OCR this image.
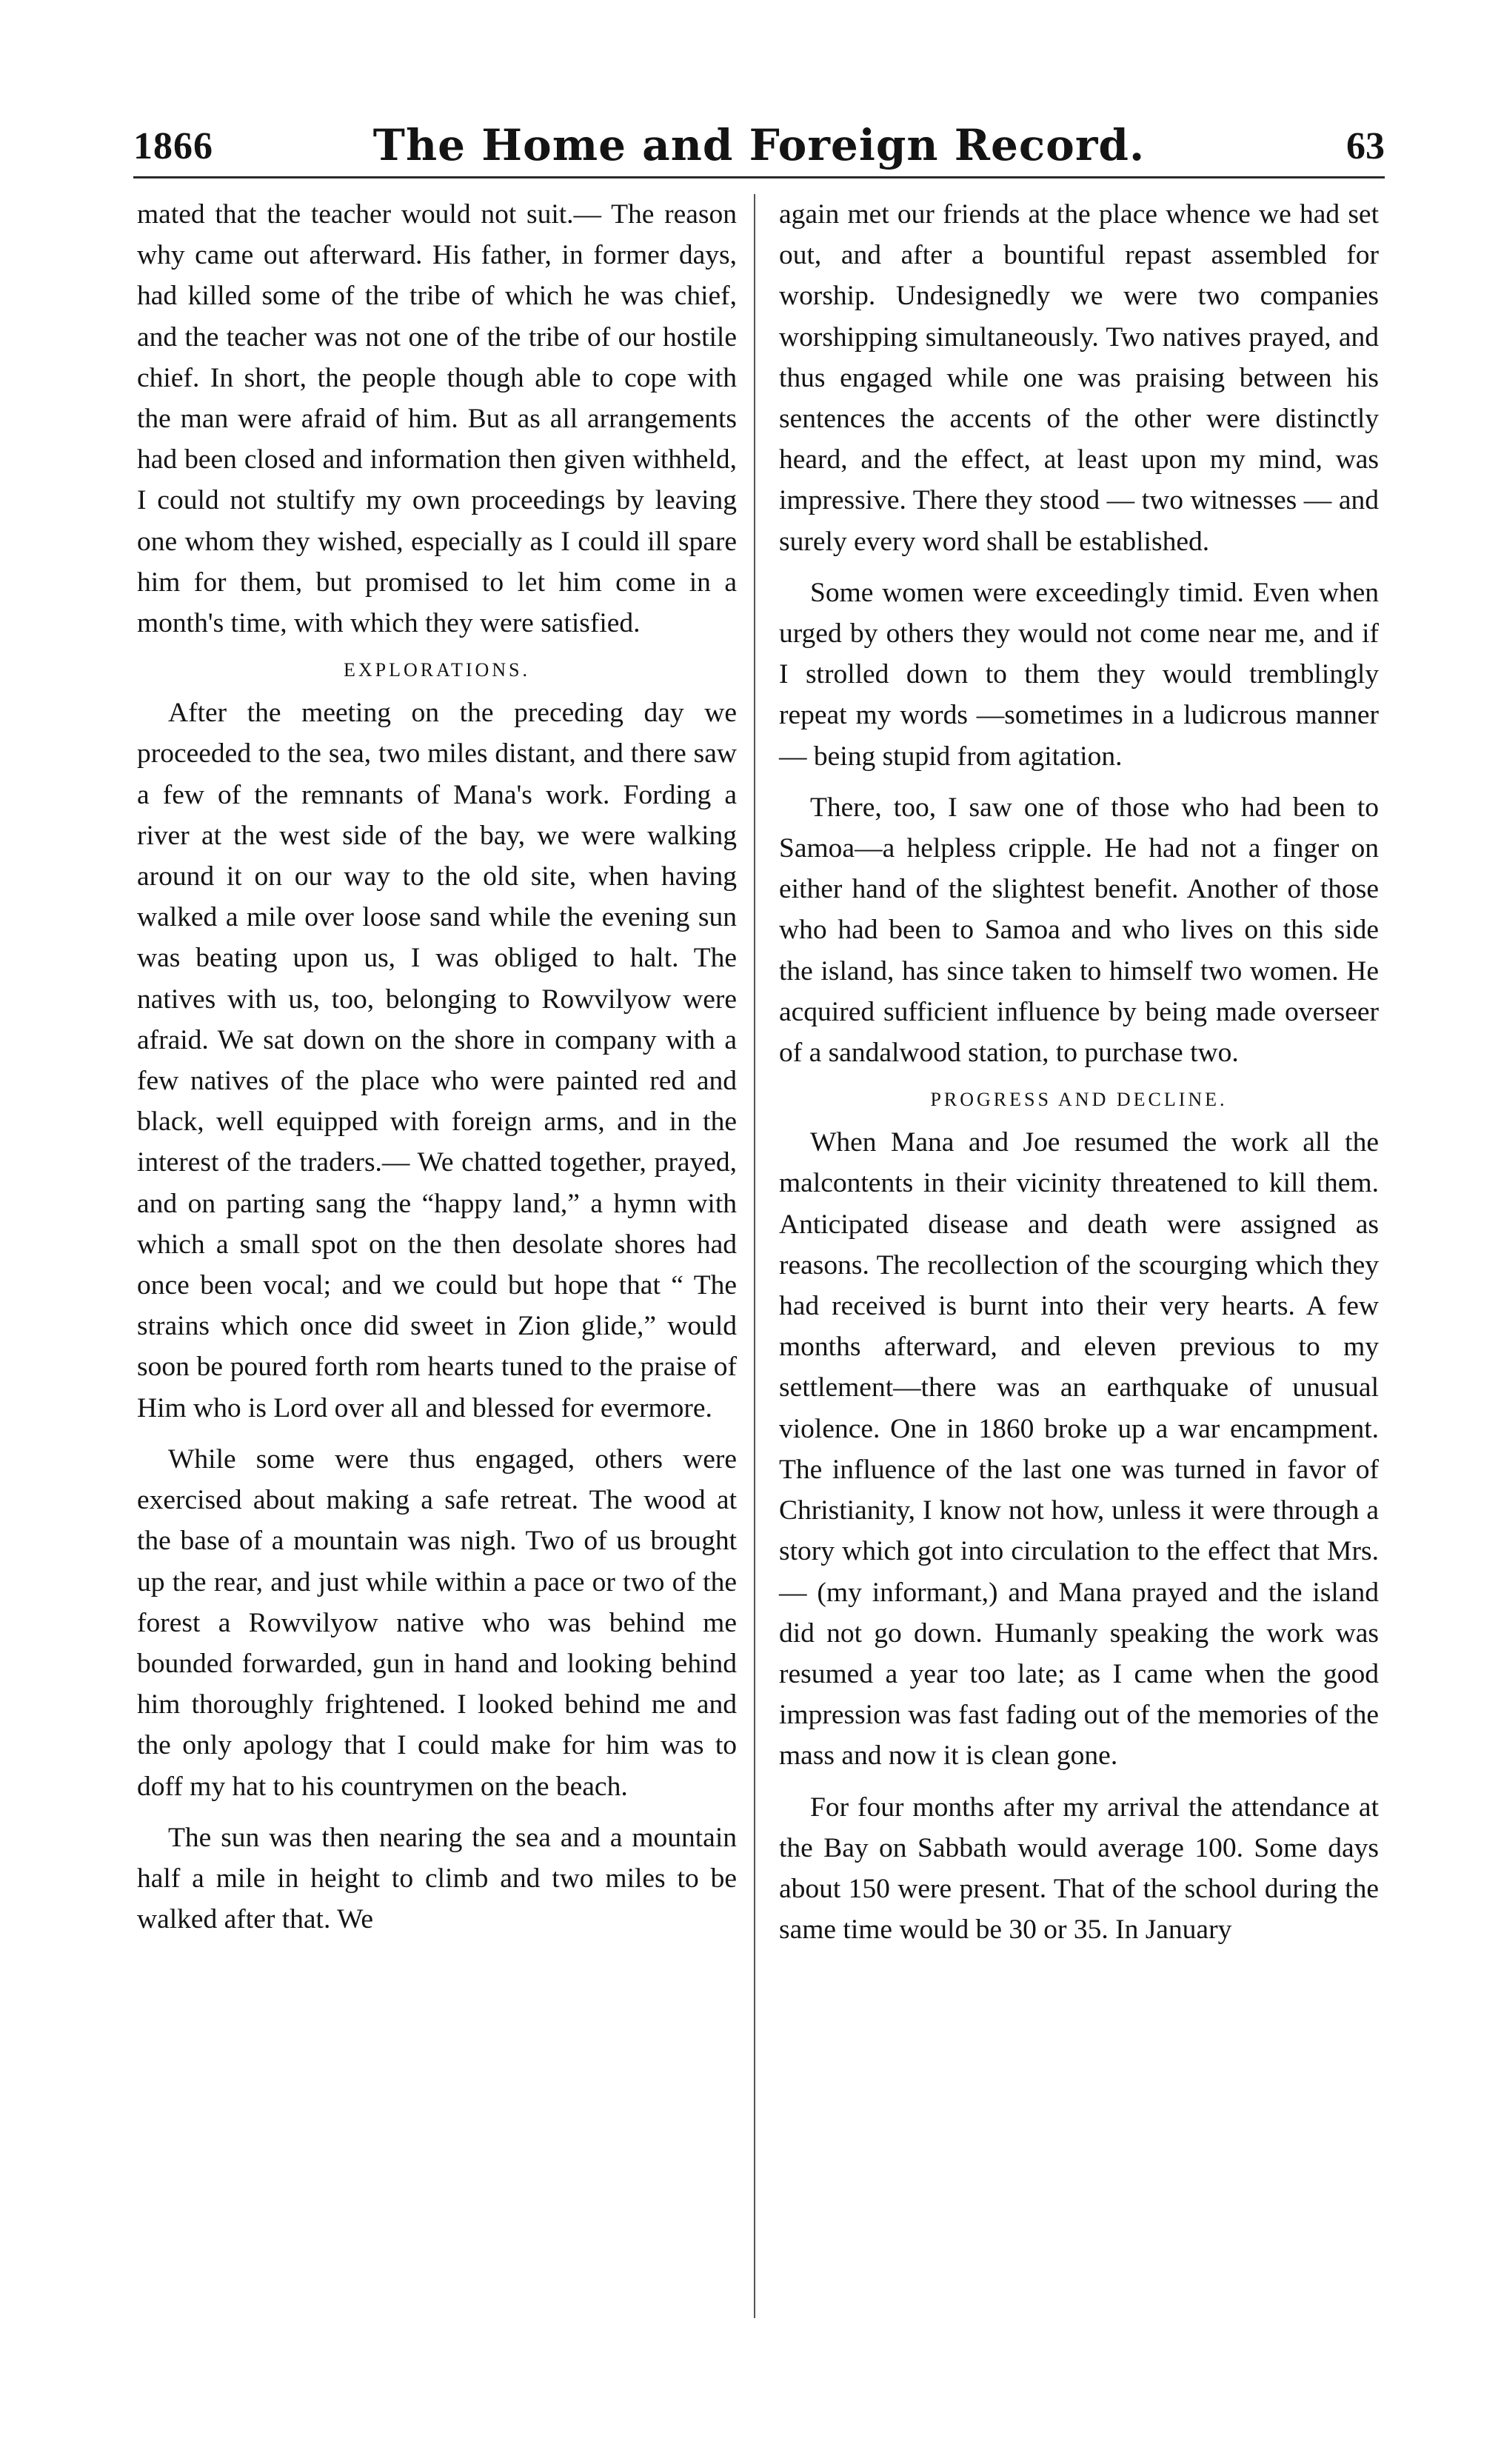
1866	The Home and Foreign Record.	63

mated that the teacher would not suit.— The reason why came out afterward. His father, in former days, had killed some of the tribe of which he was chief, and the teacher was not one of the tribe of our hostile chief. In short, the people though able to cope with the man were afraid of him. But as all arrangements had been closed and information then given withheld, I could not stultify my own proceedings by leaving one whom they wished, especially as I could ill spare him for them, but promised to let him come in a month's time, with which they were satisfied.

EXPLORATIONS.

After the meeting on the preceding day we proceeded to the sea, two miles distant, and there saw a few of the remnants of Mana's work. Fording a river at the west side of the bay, we were walking around it on our way to the old site, when having walked a mile over loose sand while the evening sun was beating upon us, I was obliged to halt. The natives with us, too, belonging to Rowvilyow were afraid. We sat down on the shore in company with a few natives of the place who were painted red and black, well equipped with foreign arms, and in the interest of the traders.— We chatted together, prayed, and on parting sang the “happy land,” a hymn with which a small spot on the then desolate shores had once been vocal; and we could but hope that “ The strains which once did sweet in Zion glide,” would soon be poured forth rom hearts tuned to the praise of Him who is Lord over all and blessed for evermore.

While some were thus engaged, others were exercised about making a safe retreat. The wood at the base of a mountain was nigh. Two of us brought up the rear, and just while within a pace or two of the forest a Rowvilyow native who was behind me bounded forwarded, gun in hand and looking behind him thoroughly frightened. I looked behind me and the only apology that I could make for him was to doff my hat to his countrymen on the beach.

The sun was then nearing the sea and a mountain half a mile in height to climb and two miles to be walked after that. We

again met our friends at the place whence we had set out, and after a bountiful repast assembled for worship. Undesignedly we were two companies worshipping simultaneously. Two natives prayed, and thus engaged while one was praising between his sentences the accents of the other were distinctly heard, and the effect, at least upon my mind, was impressive. There they stood — two witnesses — and surely every word shall be established.

Some women were exceedingly timid. Even when urged by others they would not come near me, and if I strolled down to them they would tremblingly repeat my words —sometimes in a ludicrous manner— being stupid from agitation.

There, too, I saw one of those who had been to Samoa—a helpless cripple. He had not a finger on either hand of the slightest benefit. Another of those who had been to Samoa and who lives on this side the island, has since taken to himself two women. He acquired sufficient influence by being made overseer of a sandalwood station, to purchase two.

PROGRESS AND DECLINE.

When Mana and Joe resumed the work all the malcontents in their vicinity threatened to kill them. Anticipated disease and death were assigned as reasons. The recollection of the scourging which they had received is burnt into their very hearts. A few months afterward, and eleven previous to my settlement—there was an earthquake of unusual violence. One in 1860 broke up a war encampment. The influence of the last one was turned in favor of Christianity, I know not how, unless it were through a story which got into circulation to the effect that Mrs.— (my informant,) and Mana prayed and the island did not go down. Humanly speaking the work was resumed a year too late; as I came when the good impression was fast fading out of the memories of the mass and now it is clean gone.

For four months after my arrival the attendance at the Bay on Sabbath would average 100. Some days about 150 were present. That of the school during the same time would be 30 or 35. In January
